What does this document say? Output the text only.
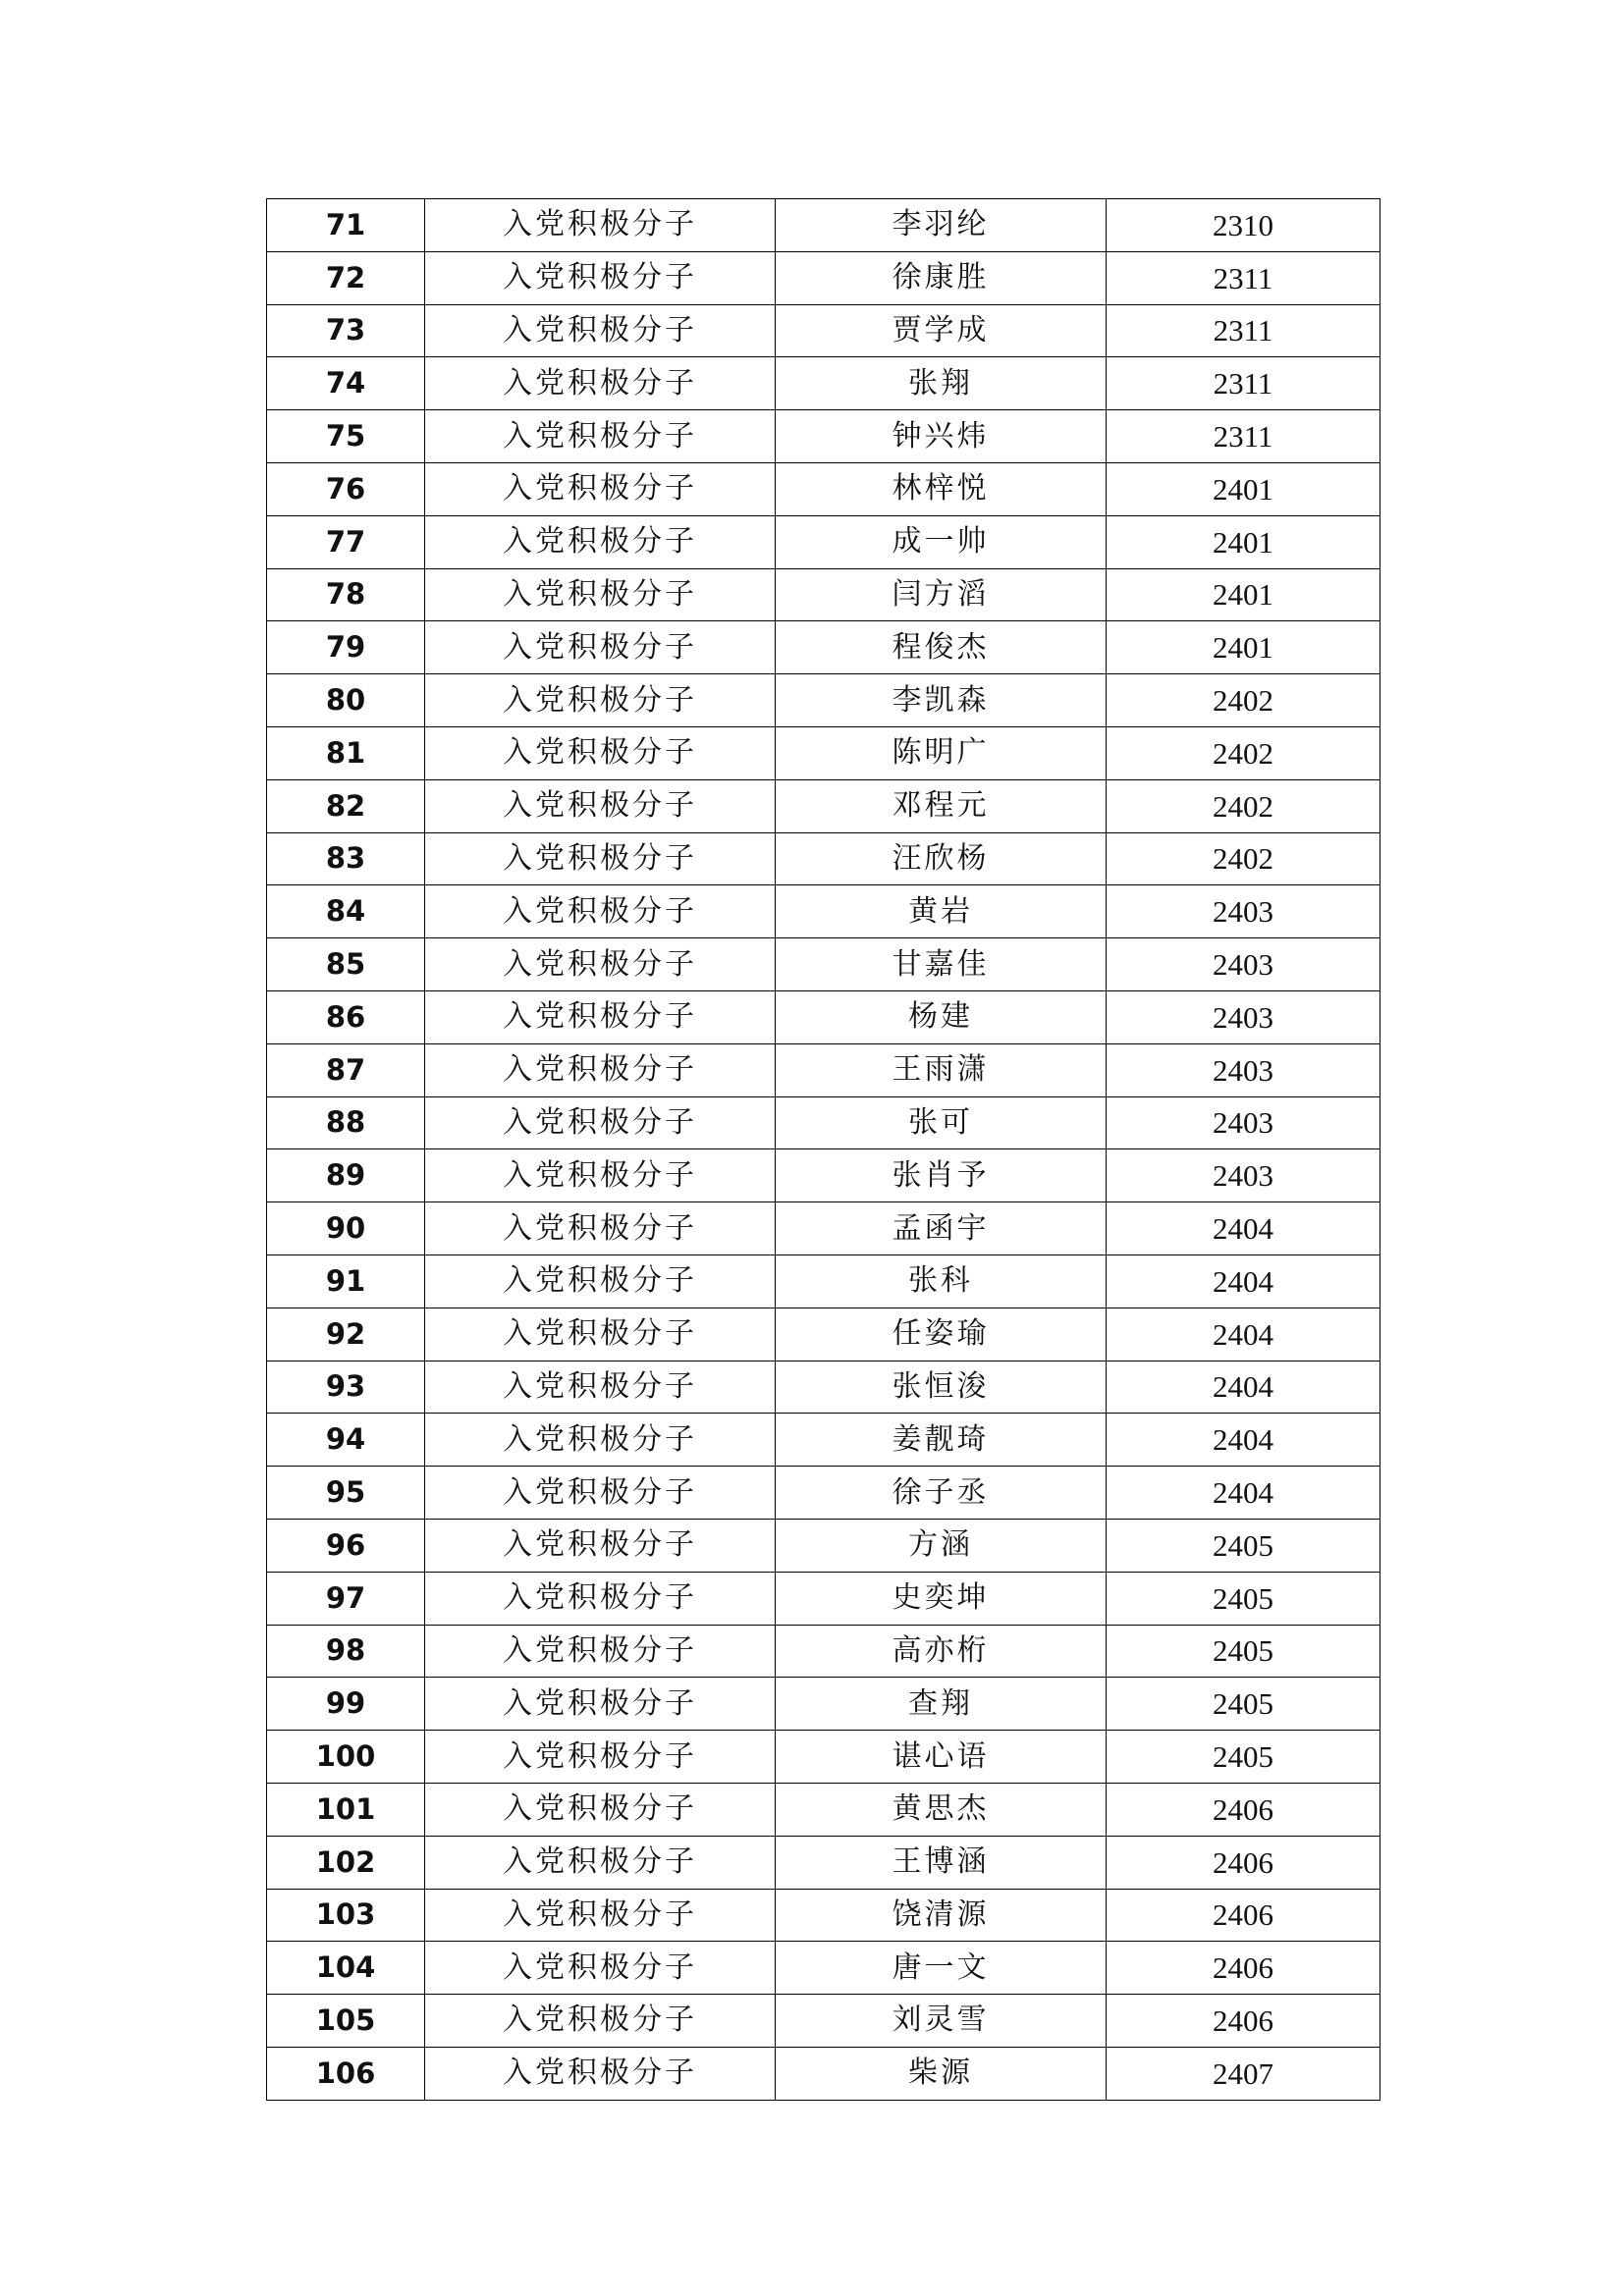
71	入党积极分子	李羽纶	2310
72	入党积极分子	徐康胜	2311
73	入党积极分子	贾学成	2311
74	入党积极分子	张翔	2311
75	入党积极分子	钟兴炜	2311
76	入党积极分子	林梓悦	2401
77	入党积极分子	成一帅	2401
78	入党积极分子	闫方滔	2401
79	入党积极分子	程俊杰	2401
80	入党积极分子	李凯森	2402
81	入党积极分子	陈明广	2402
82	入党积极分子	邓程元	2402
83	入党积极分子	汪欣杨	2402
84	入党积极分子	黄岩	2403
85	入党积极分子	甘嘉佳	2403
86	入党积极分子	杨建	2403
87	入党积极分子	王雨潇	2403
88	入党积极分子	张可	2403
89	入党积极分子	张肖予	2403
90	入党积极分子	孟函宇	2404
91	入党积极分子	张科	2404
92	入党积极分子	任姿瑜	2404
93	入党积极分子	张恒浚	2404
94	入党积极分子	姜靓琦	2404
95	入党积极分子	徐子丞	2404
96	入党积极分子	方涵	2405
97	入党积极分子	史奕坤	2405
98	入党积极分子	高亦桁	2405
99	入党积极分子	查翔	2405
100	入党积极分子	谌心语	2405
101	入党积极分子	黄思杰	2406
102	入党积极分子	王博涵	2406
103	入党积极分子	饶清源	2406
104	入党积极分子	唐一文	2406
105	入党积极分子	刘灵雪	2406
106	入党积极分子	柴源	2407
